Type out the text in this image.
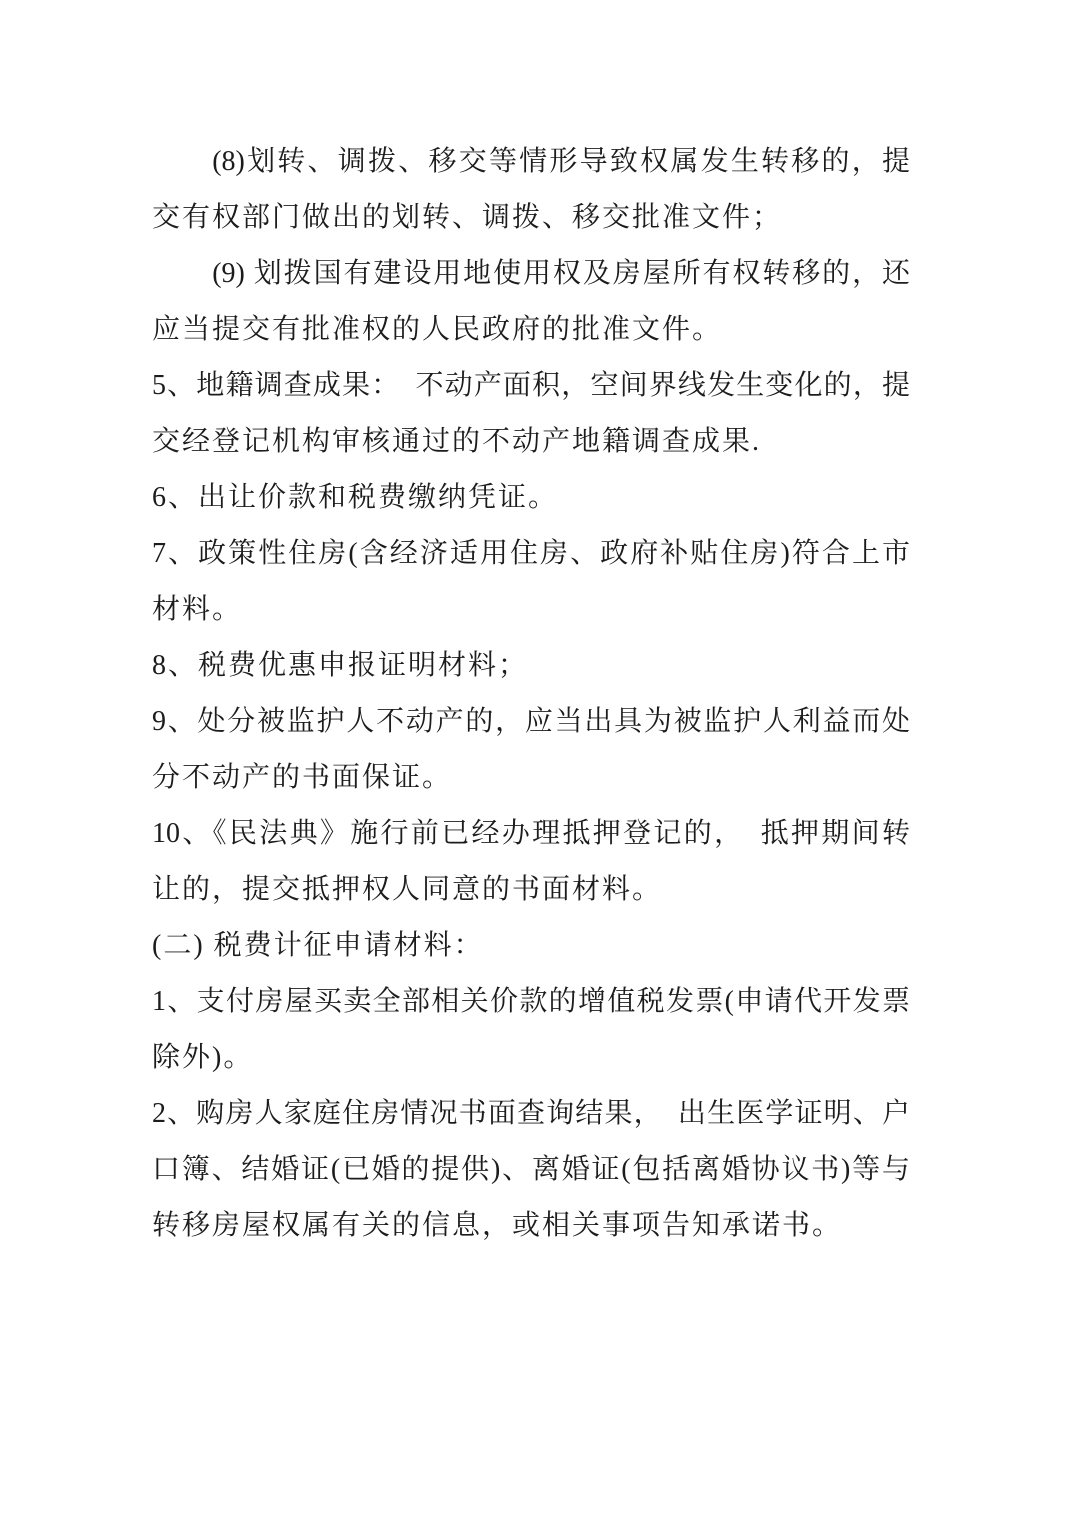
(8)划转、调拨、移交等情形导致权属发生转移的，提
交有权部门做出的划转、调拨、移交批准文件；
(9) 划拨国有建设用地使用权及房屋所有权转移的，还
应当提交有批准权的人民政府的批准文件。
5、地籍调查成果：　不动产面积，空间界线发生变化的，提
交经登记机构审核通过的不动产地籍调查成果.
6、出让价款和税费缴纳凭证。
7、政策性住房(含经济适用住房、政府补贴住房)符合上市
材料。
8、税费优惠申报证明材料；
9、处分被监护人不动产的，应当出具为被监护人利益而处
分不动产的书面保证。
10、《民法典》施行前已经办理抵押登记的，　抵押期间转
让的，提交抵押权人同意的书面材料。
(二) 税费计征申请材料：
1、支付房屋买卖全部相关价款的增值税发票(申请代开发票
除外)。
2、购房人家庭住房情况书面查询结果，　出生医学证明、户
口簿、结婚证(已婚的提供)、离婚证(包括离婚协议书)等与
转移房屋权属有关的信息，或相关事项告知承诺书。
